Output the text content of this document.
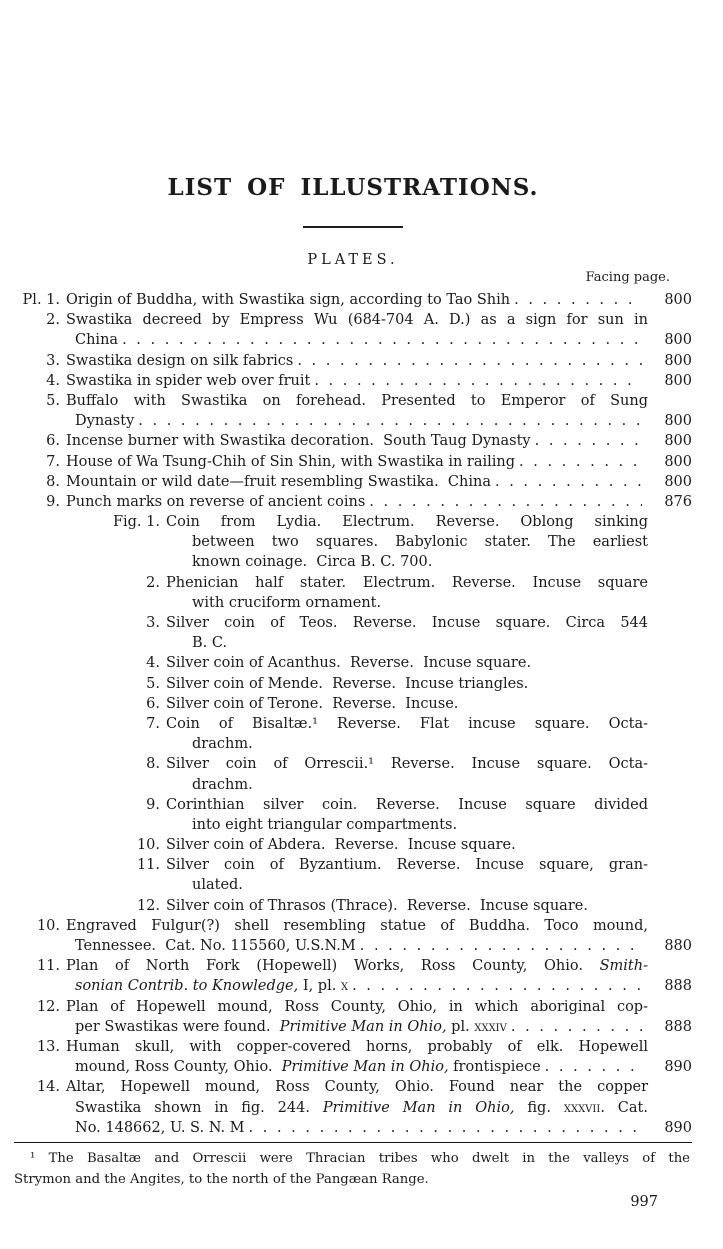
LIST OF ILLUSTRATIONS.
PLATES.
Facing page.
Pl. 1. Origin of Buddha, with Swastika sign, according to Tao Shih . . .	800
2. Swastika decreed by Empress Wu (684-704 A. D.) as a sign for sun in
China . . .	800
3. Swastika design on silk fabrics . . .	800
4. Swastika in spider web over fruit . . .	800
5. Buffalo with Swastika on forehead. Presented to Emperor of Sung
Dynasty . . .	800
6. Incense burner with Swastika decoration.  South Taug Dynasty . . .	800
7. House of Wa Tsung-Chih of Sin Shin, with Swastika in railing . . .	800
8. Mountain or wild date—fruit resembling Swastika.  China . . .	800
9. Punch marks on reverse of ancient coins . . .	876
Fig. 1. Coin from Lydia. Electrum. Reverse. Oblong sinking
between two squares. Babylonic stater. The earliest
known coinage.  Circa B. C. 700.
2. Phenician half stater. Electrum. Reverse. Incuse square
with cruciform ornament.
3. Silver coin of Teos. Reverse. Incuse square. Circa 544
B. C.
4. Silver coin of Acanthus.  Reverse.  Incuse square.
5. Silver coin of Mende.  Reverse.  Incuse triangles.
6. Silver coin of Terone.  Reverse.  Incuse.
7. Coin of Bisaltæ.¹ Reverse. Flat incuse square. Octa-
drachm.
8. Silver coin of Orrescii.¹ Reverse. Incuse square. Octa-
drachm.
9. Corinthian silver coin. Reverse. Incuse square divided
into eight triangular compartments.
10. Silver coin of Abdera.  Reverse.  Incuse square.
11. Silver coin of Byzantium. Reverse. Incuse square, gran-
ulated.
12. Silver coin of Thrasos (Thrace).  Reverse.  Incuse square.
10. Engraved Fulgur(?) shell resembling statue of Buddha. Toco mound,
Tennessee.  Cat. No. 115560, U.S.N.M . . .	880
11. Plan of North Fork (Hopewell) Works, Ross County, Ohio. Smith-
sonian Contrib. to Knowledge, I, pl. x . . .	888
12. Plan of Hopewell mound, Ross County, Ohio, in which aboriginal cop-
per Swastikas were found.  Primitive Man in Ohio, pl. xxxiv . . .	888
13. Human skull, with copper-covered horns, probably of elk. Hopewell
mound, Ross County, Ohio.  Primitive Man in Ohio, frontispiece . . .	890
14. Altar, Hopewell mound, Ross County, Ohio. Found near the copper
Swastika shown in fig. 244. Primitive Man in Ohio, fig. xxxvii. Cat.
No. 148662, U. S. N. M . . .	890
¹ The Basaltæ and Orrescii were Thracian tribes who dwelt in the valleys of the
Strymon and the Angites, to the north of the Pangæan Range.
997
